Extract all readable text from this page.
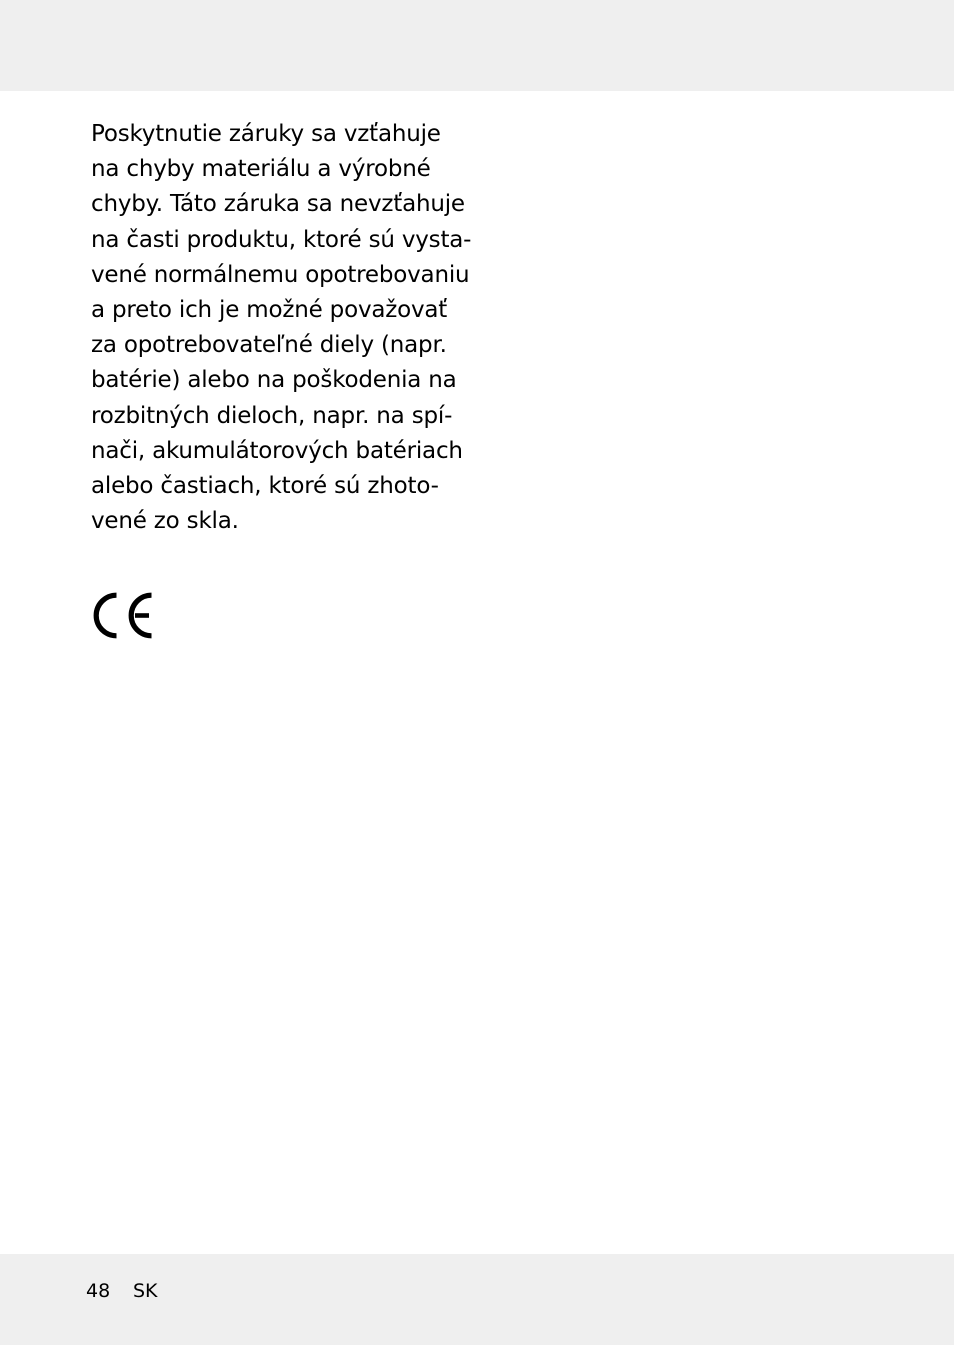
Poskytnutie záruky sa vzťahuje
na chyby materiálu a výrobné
chyby. Táto záruka sa nevzťahuje
na časti produktu, ktoré sú vysta-
vené normálnemu opotrebovaniu
a preto ich je možné považovať
za opotrebovateľné diely (napr.
batérie) alebo na poškodenia na
rozbitných dieloch, napr. na spí-
nači, akumulátorových batériach
alebo častiach, ktoré sú zhoto-
vené zo skla.
48 SK
